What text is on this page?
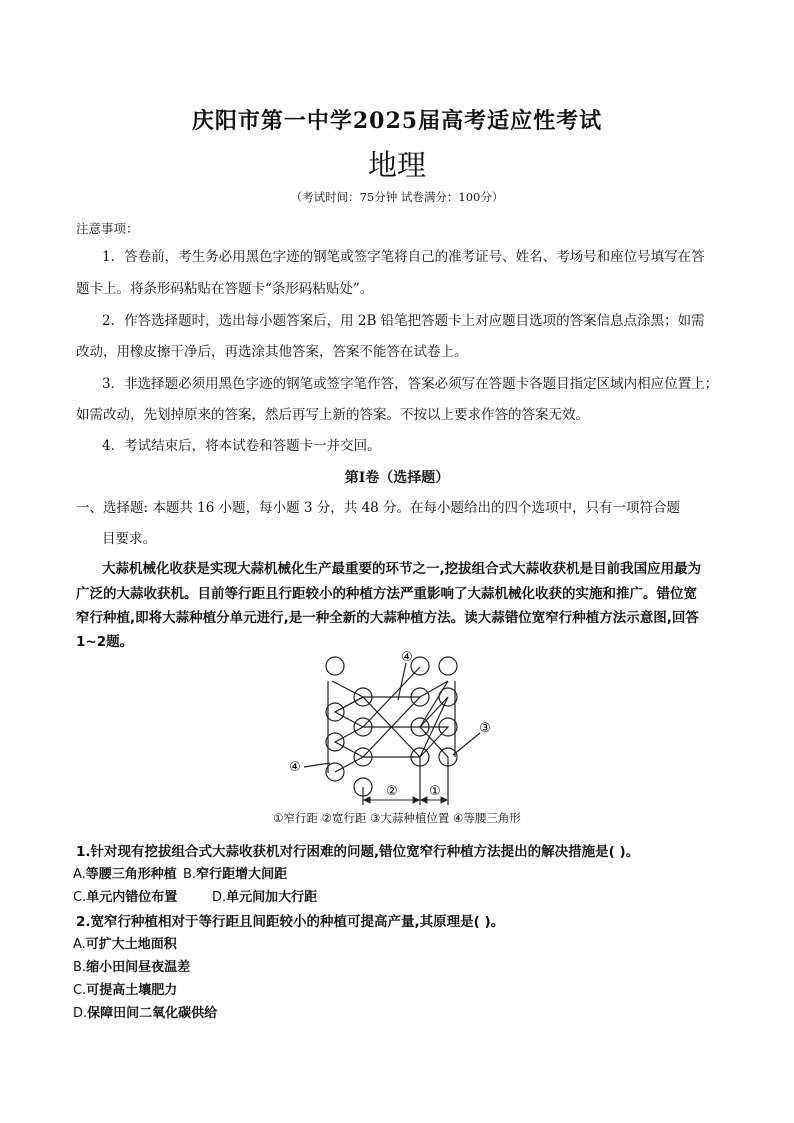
庆阳市第一中学2025届高考适应性考试
地理
（考试时间：75分钟 试卷满分：100分）
注意事项：
1．答卷前，考生务必用黑色字迹的钢笔或签字笔将自己的准考证号、姓名、考场号和座位号填写在答
题卡上。将条形码粘贴在答题卡“条形码粘贴处”。
2．作答选择题时，选出每小题答案后，用 2B 铅笔把答题卡上对应题目选项的答案信息点涂黑；如需
改动，用橡皮擦干净后，再选涂其他答案，答案不能答在试卷上。
3．非选择题必须用黑色字迹的钢笔或签字笔作答，答案必须写在答题卡各题目指定区域内相应位置上；
如需改动，先划掉原来的答案，然后再写上新的答案。不按以上要求作答的答案无效。
4．考试结束后，将本试卷和答题卡一并交回。
第Ⅰ卷（选择题）
一、选择题: 本题共 16 小题，每小题 3 分，共 48 分。在每小题给出的四个选项中，只有一项符合题
目要求。
大蒜机械化收获是实现大蒜机械化生产最重要的环节之一,挖拔组合式大蒜收获机是目前我国应用最为
广泛的大蒜收获机。目前等行距且行距较小的种植方法严重影响了大蒜机械化收获的实施和推广。错位宽
窄行种植,即将大蒜种植分单元进行,是一种全新的大蒜种植方法。读大蒜错位宽窄行种植方法示意图,回答
1~2题。
④
③
④
② ①
①窄行距 ②宽行距 ③大蒜种植位置 ④等腰三角形
1.针对现有挖拔组合式大蒜收获机对行困难的问题,错位宽窄行种植方法提出的解决措施是( )。
A.等腰三角形种植 B.窄行距增大间距
C.单元内错位布置	D.单元间加大行距
2.宽窄行种植相对于等行距且间距较小的种植可提高产量,其原理是( )。
A.可扩大土地面积
B.缩小田间昼夜温差
C.可提高土壤肥力
D.保障田间二氧化碳供给
